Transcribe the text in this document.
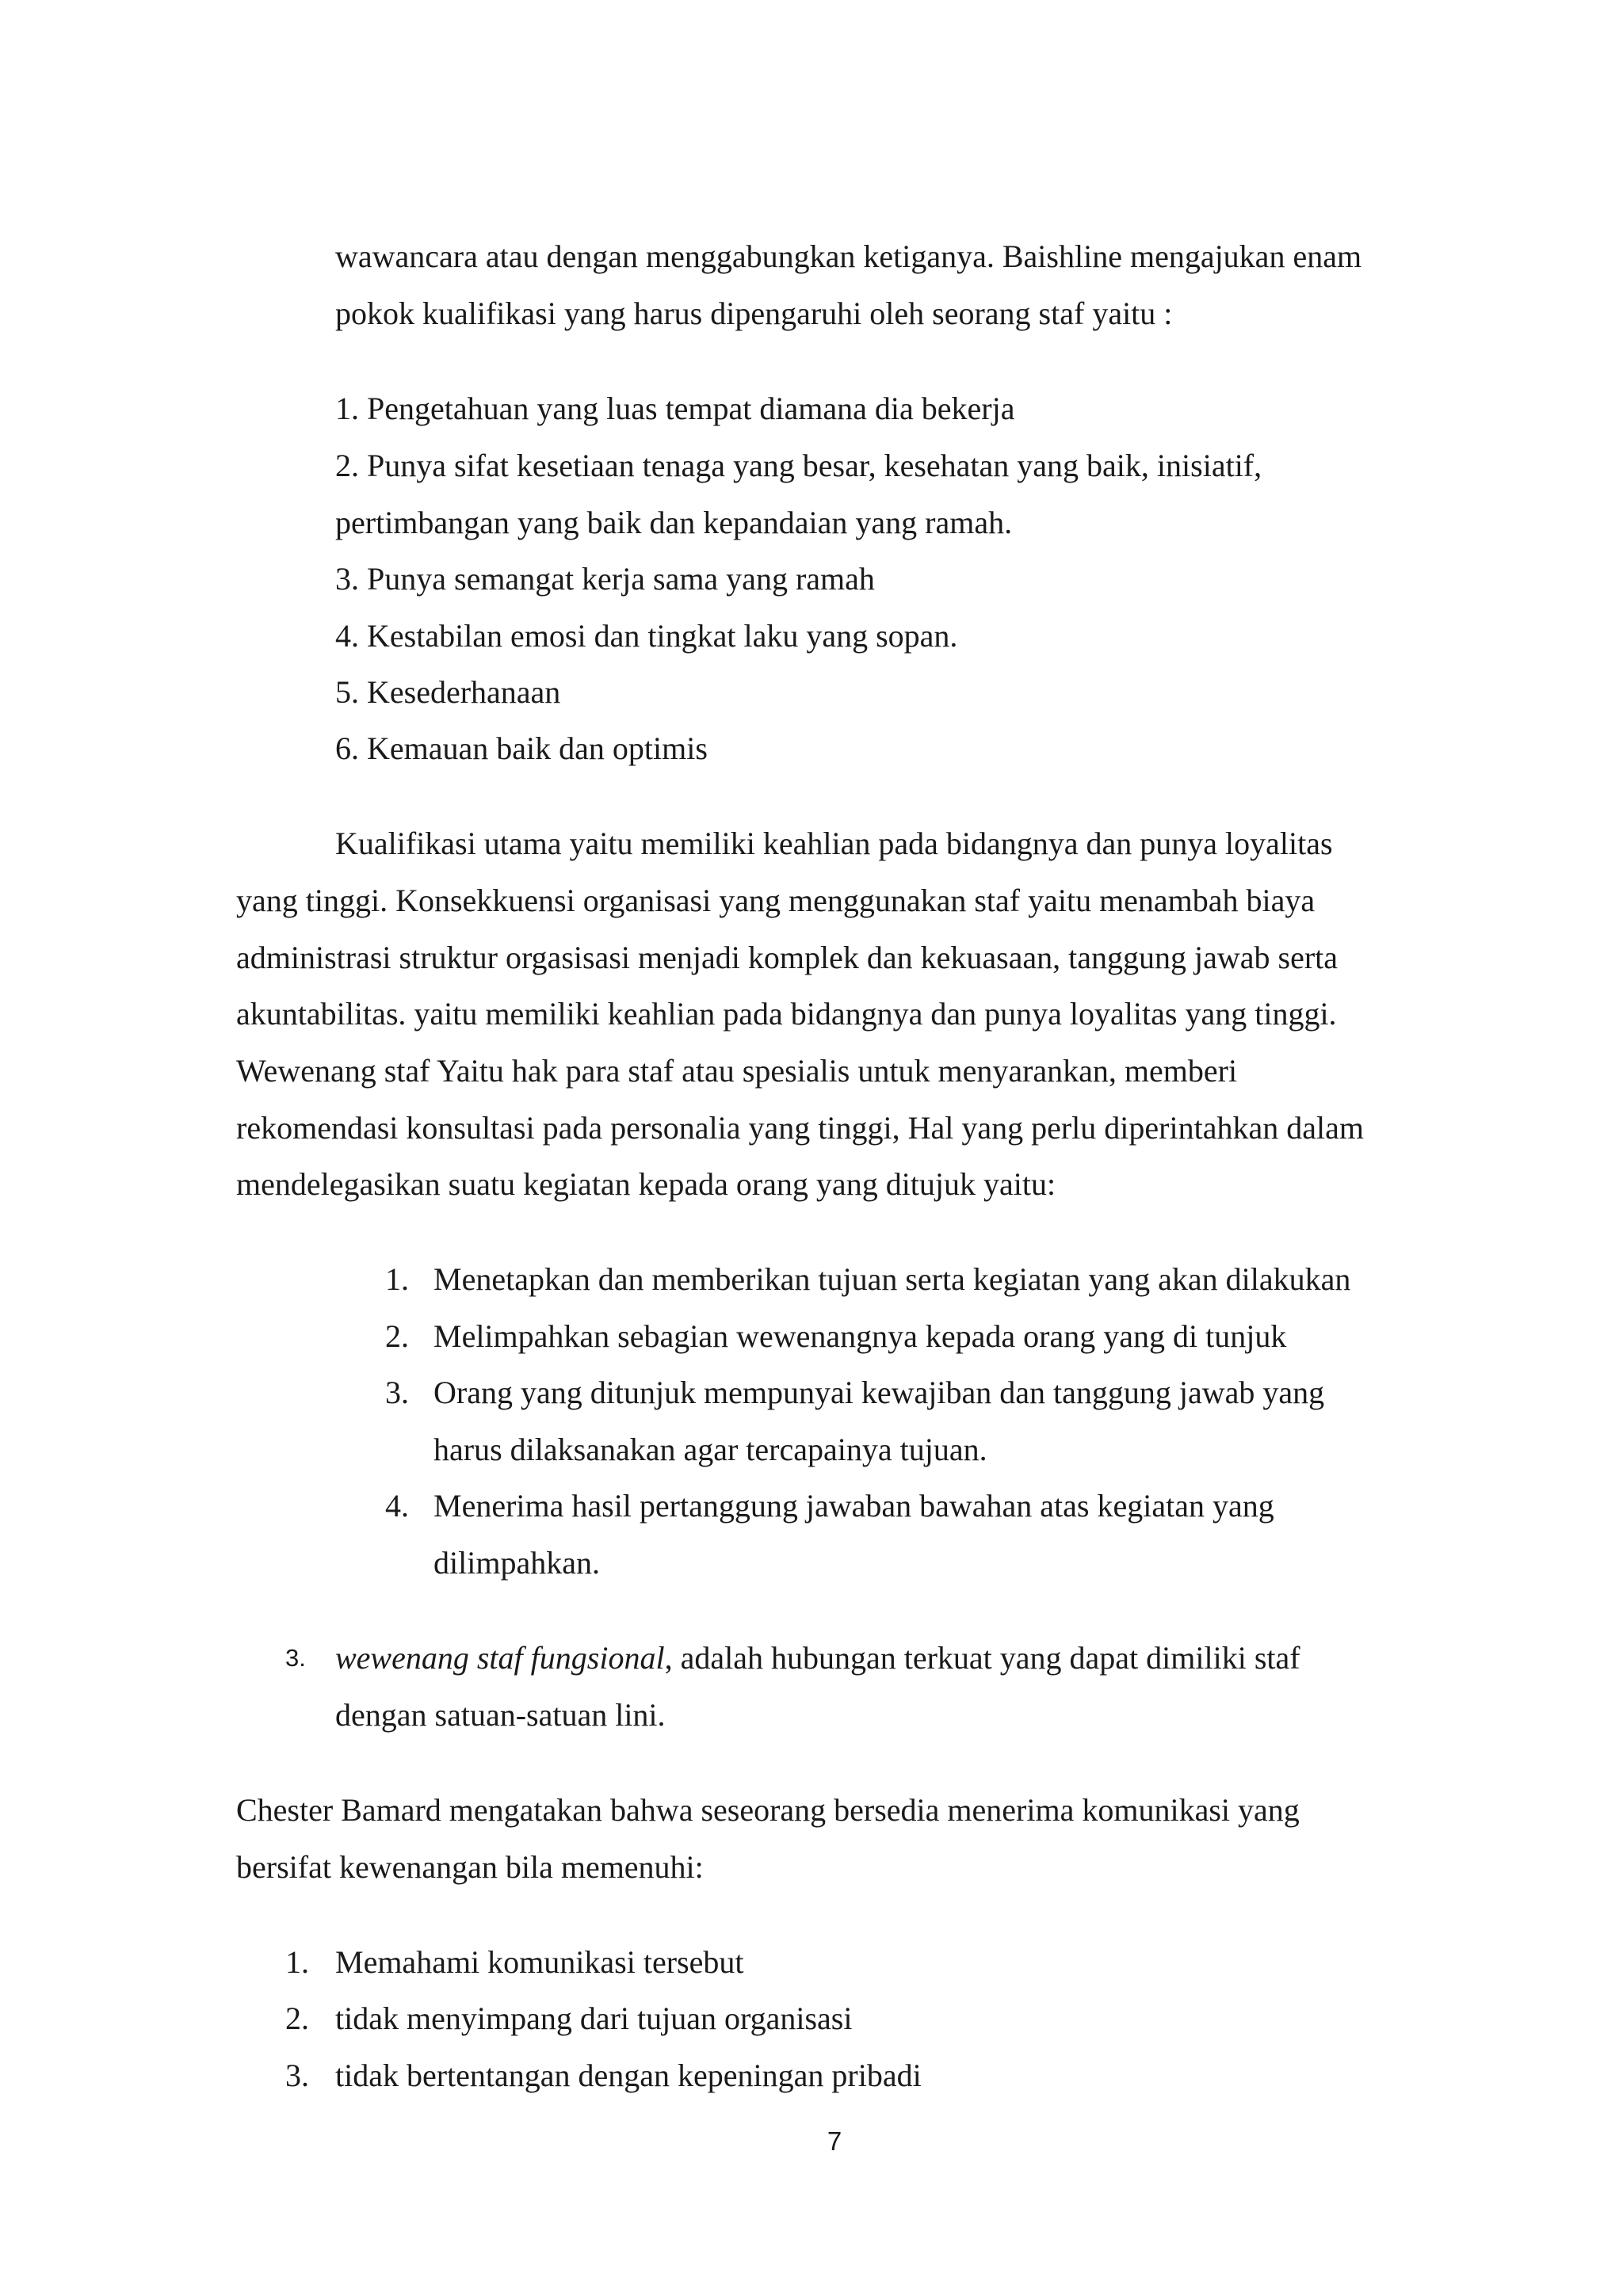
wawancara atau dengan menggabungkan ketiganya. Baishline mengajukan enam
pokok kualifikasi yang harus dipengaruhi oleh seorang staf yaitu :
1. Pengetahuan yang luas tempat diamana dia bekerja
2. Punya sifat kesetiaan tenaga yang besar, kesehatan yang baik, inisiatif,
pertimbangan yang baik dan kepandaian yang ramah.
3. Punya semangat kerja sama yang ramah
4. Kestabilan emosi dan tingkat laku yang sopan.
5. Kesederhanaan
6. Kemauan baik dan optimis
Kualifikasi utama yaitu memiliki keahlian pada bidangnya dan punya loyalitas
yang tinggi. Konsekkuensi organisasi yang menggunakan staf yaitu menambah biaya
administrasi struktur orgasisasi menjadi komplek dan kekuasaan, tanggung jawab serta
akuntabilitas. yaitu memiliki keahlian pada bidangnya dan punya loyalitas yang tinggi.
Wewenang staf Yaitu hak para staf atau spesialis untuk menyarankan, memberi
rekomendasi konsultasi pada personalia yang tinggi, Hal yang perlu diperintahkan dalam
mendelegasikan suatu kegiatan kepada orang yang ditujuk yaitu:
1. Menetapkan dan memberikan tujuan serta kegiatan yang akan dilakukan
2. Melimpahkan sebagian wewenangnya kepada orang yang di tunjuk
3. Orang yang ditunjuk mempunyai kewajiban dan tanggung jawab yang
harus dilaksanakan agar tercapainya tujuan.
4. Menerima hasil pertanggung jawaban bawahan atas kegiatan yang
dilimpahkan.
3. wewenang staf fungsional, adalah hubungan terkuat yang dapat dimiliki staf
dengan satuan-satuan lini.
Chester Bamard mengatakan bahwa seseorang bersedia menerima komunikasi yang
bersifat kewenangan bila memenuhi:
1. Memahami komunikasi tersebut
2. tidak menyimpang dari tujuan organisasi
3. tidak bertentangan dengan kepeningan pribadi
7
